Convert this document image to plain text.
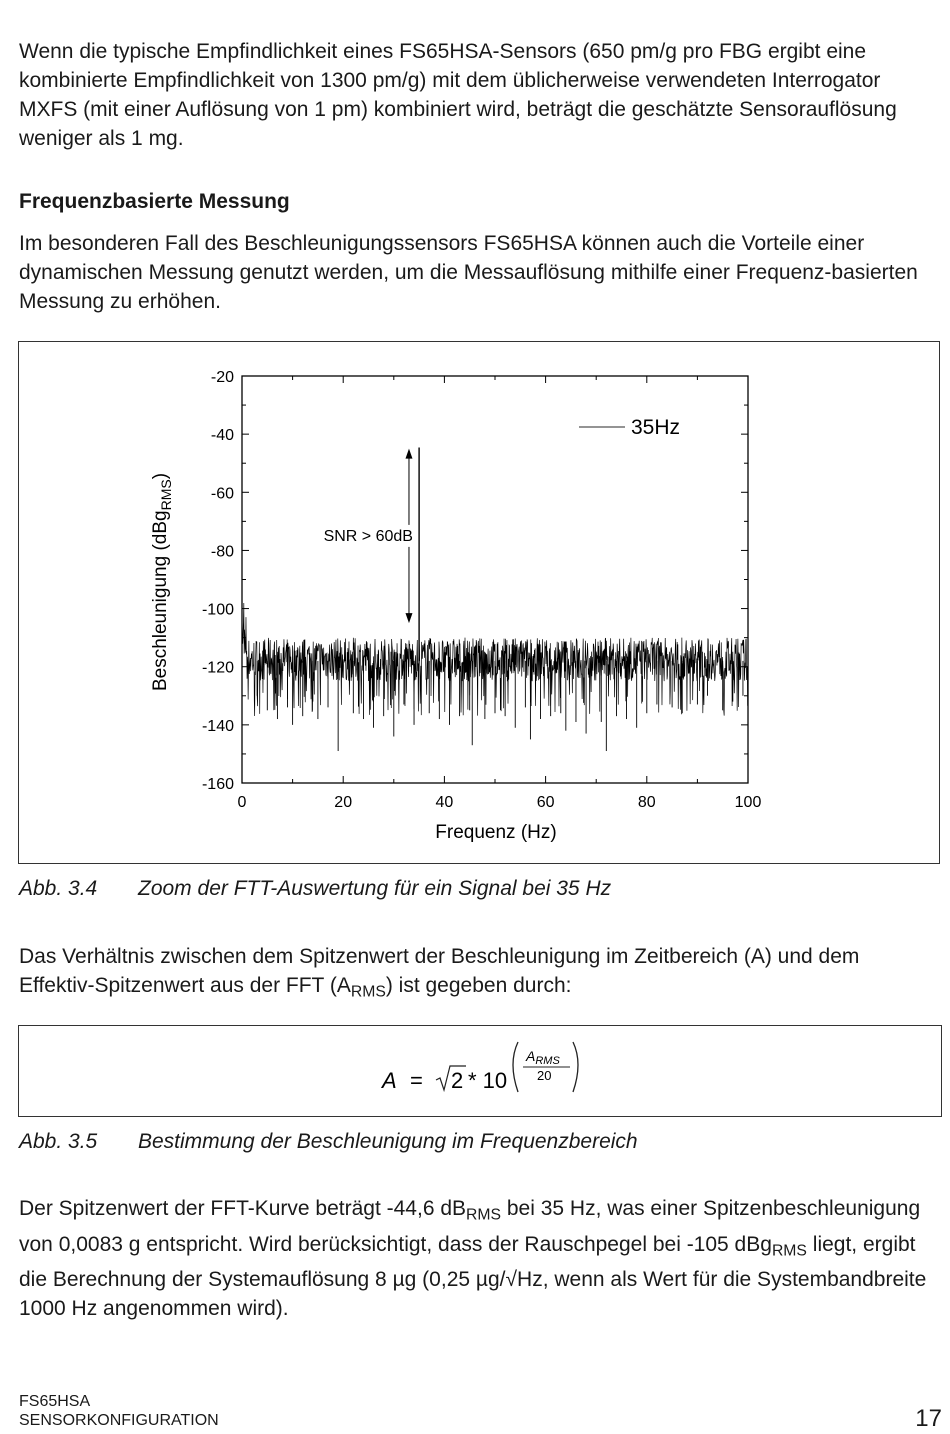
Wenn die typische Empfindlichkeit eines FS65HSA-Sensors (650 pm/g pro FBG ergibt eine kombinierte Empfindlichkeit von 1300 pm/g) mit dem üblicherweise verwendeten Interrogator MXFS (mit einer Auflösung von 1 pm) kombiniert wird, beträgt die geschätzte Sensorauflösung weniger als 1 mg.

Frequenzbasierte Messung

Im besonderen Fall des Beschleunigungssensors FS65HSA können auch die Vorteile einer dynamischen Messung genutzt werden, um die Messauflösung mithilfe einer Frequenz-basierten Messung zu erhöhen.

-20
-40
-60
-80
-100
-120
-140
-160
0	20	40	60	80	100
SNR > 60dB
35Hz
Frequenz (Hz)
Beschleunigung (dBg$_{RMS}$)

Abb. 3.4 Zoom der FTT-Auswertung für ein Signal bei 35 Hz

Das Verhältnis zwischen dem Spitzenwert der Beschleunigung im Zeitbereich (A) und dem Effektiv-Spitzenwert aus der FFT $(A_{RMS})$ ist gegeben durch:

A = 2 * 10
$A_{RMS}$
20

Abb. 3.5 Bestimmung der Beschleunigung im Frequenzbereich

Der Spitzenwert der FFT-Kurve beträgt -44,6 $dB_{RMS}$ bei 35 Hz, was einer Spitzenbeschleunigung von 0,0083 g entspricht. Wird berücksichtigt, dass der Rauschpegel bei -105 dBg$_{RMS}$ liegt, ergibt die Berechnung der Systemauflösung 8 µg (0,25 µg/√Hz, wenn als Wert für die Systembandbreite 1000 Hz angenommen wird).

FS65HSA
SENSORKONFIGURATION	17
